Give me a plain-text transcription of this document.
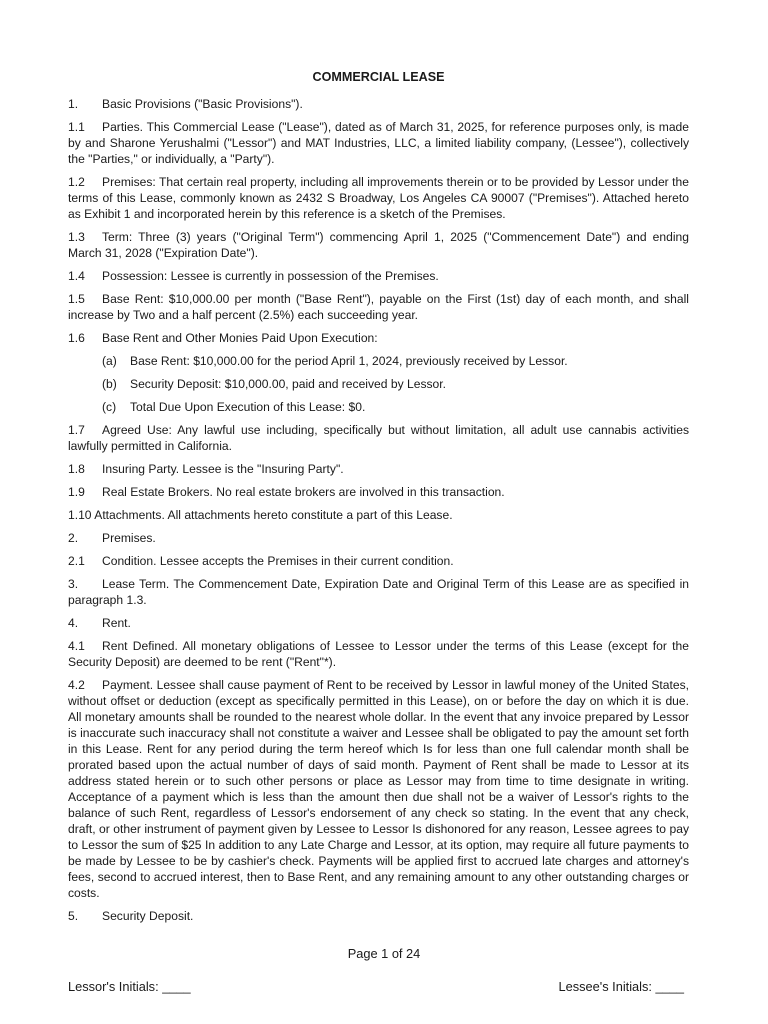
COMMERCIAL LEASE
1. Basic Provisions ("Basic Provisions").
1.1 Parties. This Commercial Lease ("Lease"), dated as of March 31, 2025, for reference purposes only, is made by and Sharone Yerushalmi ("Lessor") and MAT Industries, LLC, a limited liability company, (Lessee"), collectively the "Parties," or individually, a "Party").
1.2 Premises: That certain real property, including all improvements therein or to be provided by Lessor under the terms of this Lease, commonly known as 2432 S Broadway, Los Angeles CA 90007 ("Premises"). Attached hereto as Exhibit 1 and incorporated herein by this reference is a sketch of the Premises.
1.3 Term: Three (3) years ("Original Term") commencing April 1, 2025 ("Commencement Date") and ending March 31, 2028 ("Expiration Date").
1.4 Possession: Lessee is currently in possession of the Premises.
1.5 Base Rent: $10,000.00 per month ("Base Rent"), payable on the First (1st) day of each month, and shall increase by Two and a half percent (2.5%) each succeeding year.
1.6 Base Rent and Other Monies Paid Upon Execution:
(a) Base Rent: $10,000.00 for the period April 1, 2024, previously received by Lessor.
(b) Security Deposit: $10,000.00, paid and received by Lessor.
(c) Total Due Upon Execution of this Lease: $0.
1.7 Agreed Use: Any lawful use including, specifically but without limitation, all adult use cannabis activities lawfully permitted in California.
1.8 Insuring Party. Lessee is the "Insuring Party".
1.9 Real Estate Brokers. No real estate brokers are involved in this transaction.
1.10 Attachments. All attachments hereto constitute a part of this Lease.
2. Premises.
2.1 Condition. Lessee accepts the Premises in their current condition.
3. Lease Term. The Commencement Date, Expiration Date and Original Term of this Lease are as specified in paragraph 1.3.
4. Rent.
4.1 Rent Defined. All monetary obligations of Lessee to Lessor under the terms of this Lease (except for the Security Deposit) are deemed to be rent ("Rent"*).
4.2 Payment. Lessee shall cause payment of Rent to be received by Lessor in lawful money of the United States, without offset or deduction (except as specifically permitted in this Lease), on or before the day on which it is due. All monetary amounts shall be rounded to the nearest whole dollar. In the event that any invoice prepared by Lessor is inaccurate such inaccuracy shall not constitute a waiver and Lessee shall be obligated to pay the amount set forth in this Lease. Rent for any period during the term hereof which Is for less than one full calendar month shall be prorated based upon the actual number of days of said month. Payment of Rent shall be made to Lessor at its address stated herein or to such other persons or place as Lessor may from time to time designate in writing. Acceptance of a payment which is less than the amount then due shall not be a waiver of Lessor's rights to the balance of such Rent, regardless of Lessor's endorsement of any check so stating. In the event that any check, draft, or other instrument of payment given by Lessee to Lessor Is dishonored for any reason, Lessee agrees to pay to Lessor the sum of $25 In addition to any Late Charge and Lessor, at its option, may require all future payments to be made by Lessee to be by cashier's check. Payments will be applied first to accrued late charges and attorney's fees, second to accrued interest, then to Base Rent, and any remaining amount to any other outstanding charges or costs.
5. Security Deposit.
Page 1 of 24
Lessor's Initials: ____	Lessee's Initials: ____
